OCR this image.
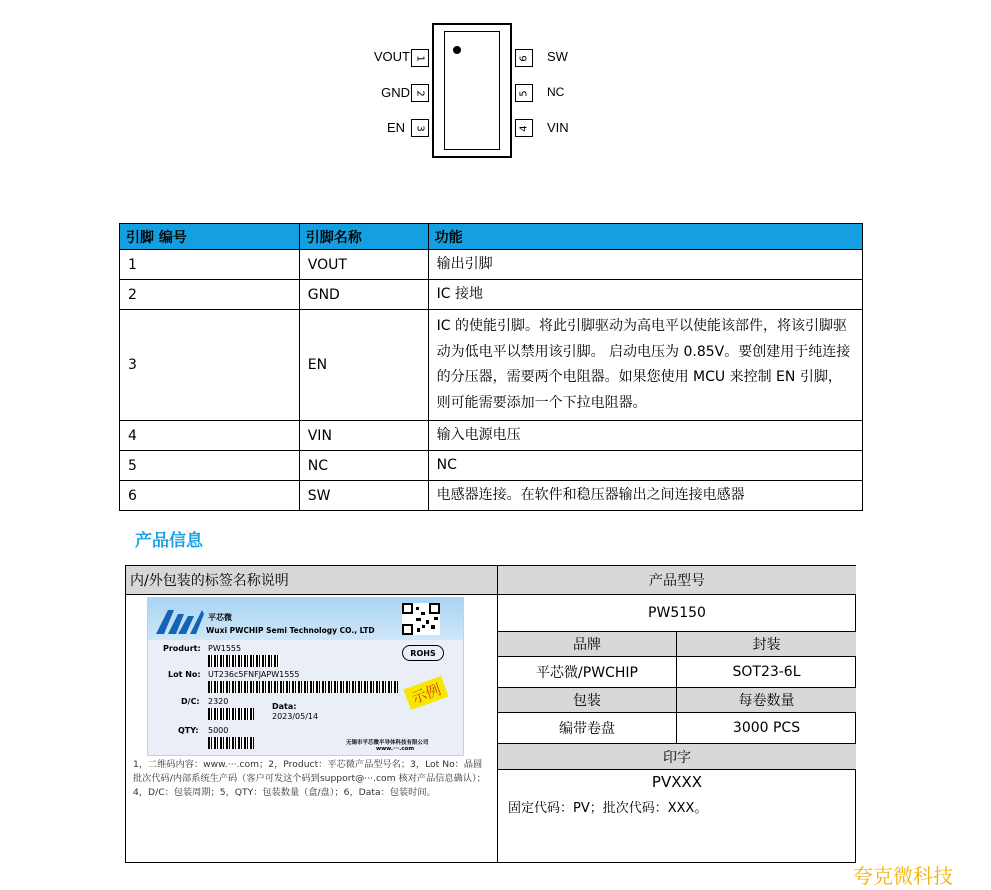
VOUT 1
GND 2
EN 3
6 SW
5 NC
4 VIN
引脚 编号	引脚名称	功能
1	VOUT	输出引脚
2	GND	IC 接地
3	EN	IC 的使能引脚。将此引脚驱动为高电平以使能该部件，将该引脚驱动为低电平以禁用该引脚。 启动电压为 0.85V。要创建用于纯连接的分压器，需要两个电阻器。如果您使用 MCU 来控制 EN 引脚，则可能需要添加一个下拉电阻器。
4	VIN	输入电源电压
5	NC	NC
6	SW	电感器连接。在软件和稳压器输出之间连接电感器
产品信息
内/外包装的标签名称说明	产品型号
PW5150
品牌	封装
平芯微/PWCHIP	SOT23-6L
包装	每卷数量
编带卷盘	3000 PCS
印字
PVXXX
固定代码：PV；批次代码：XXX。
平芯微
Wuxi PWCHIP Semi Technology CO., LTD
Produrt: PW1555	ROHS
Lot No: UT236c5FNFJAPW1555
示例
D/C: 2320
Data:
2023/05/14
QTY: 5000
无锡市平芯微半导体科技有限公司
www.···.com
1，二维码内容：www.···.com；2，Product：平芯微产品型号名；3，Lot No：晶圆批次代码/内部系统生产码（客户可发这个码到support@···.com 核对产品信息确认）；4，D/C：包装周期；5，QTY：包装数量（盒/盘）；6，Data：包装时间。
夸克微科技
